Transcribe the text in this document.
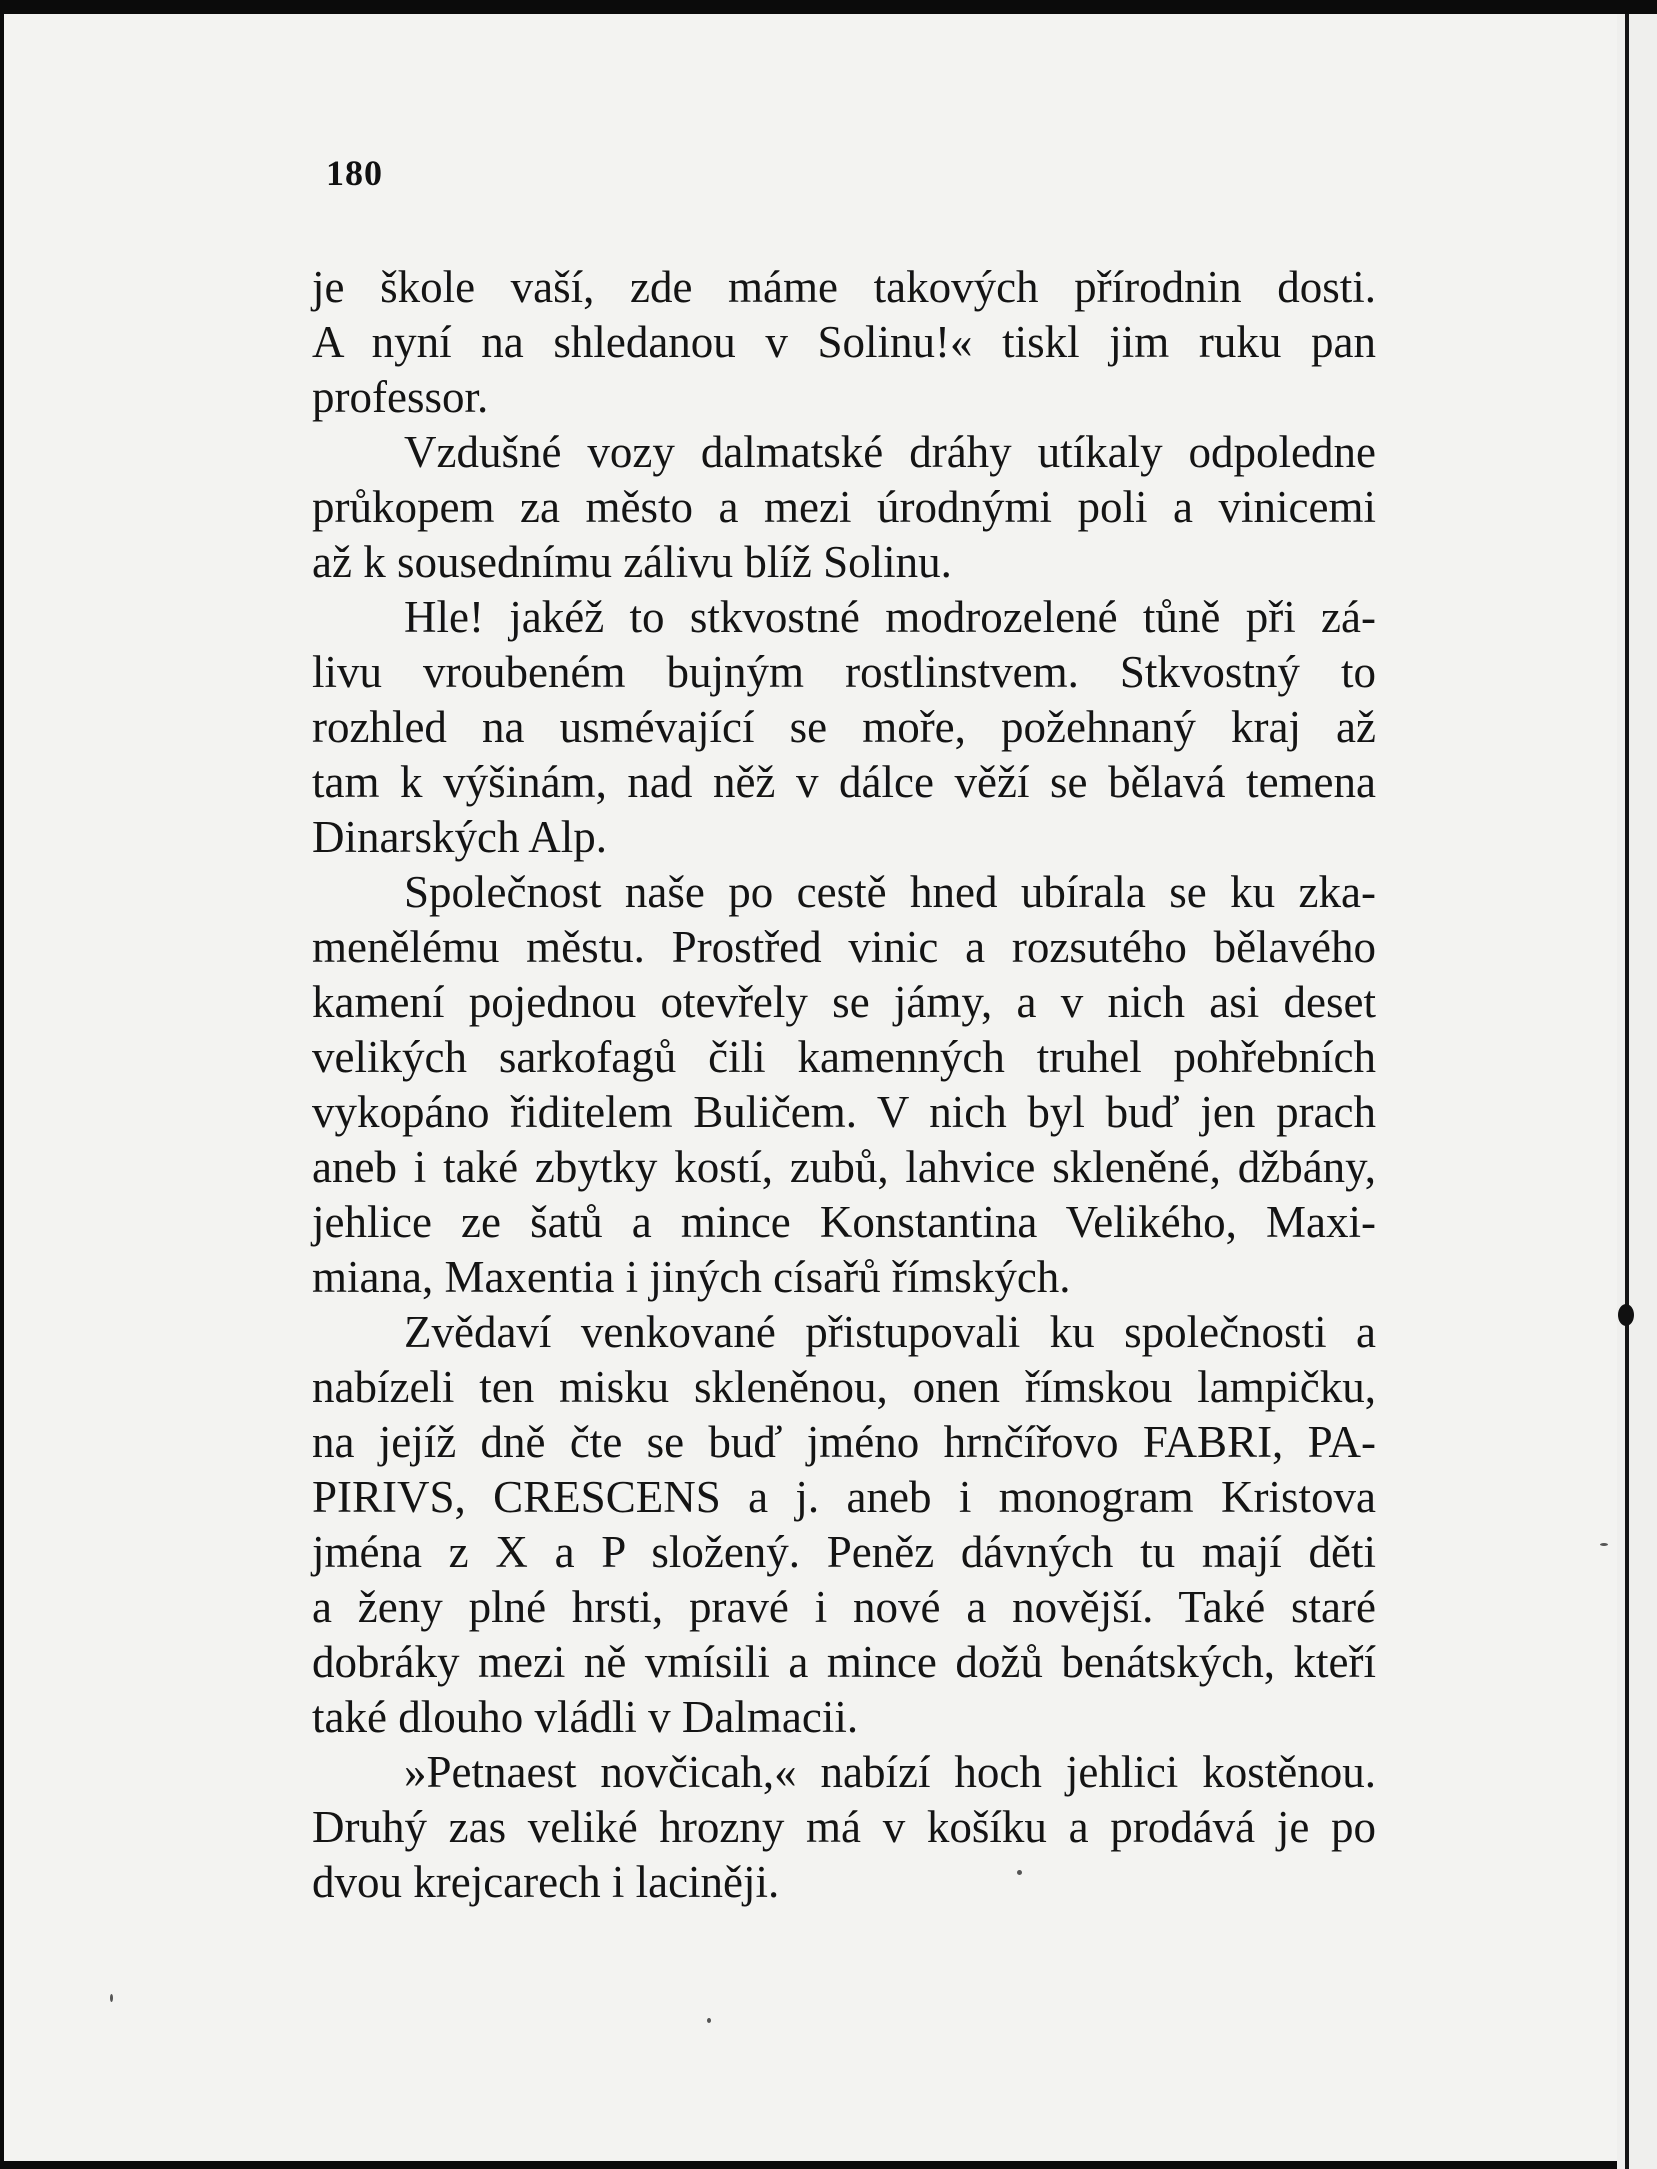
180
je škole vaší, zde máme takových přírodnin dosti.
A nyní na shledanou v Solinu!« tiskl jim ruku pan
professor.
Vzdušné vozy dalmatské dráhy utíkaly odpoledne
průkopem za město a mezi úrodnými poli a vinicemi
až k sousednímu zálivu blíž Solinu.
Hle! jakéž to stkvostné modrozelené tůně při zá-
livu vroubeném bujným rostlinstvem. Stkvostný to
rozhled na usmévající se moře, požehnaný kraj až
tam k výšinám, nad něž v dálce věží se bělavá temena
Dinarských Alp.
Společnost naše po cestě hned ubírala se ku zka-
menělému městu. Prostřed vinic a rozsutého bělavého
kamení pojednou otevřely se jámy, a v nich asi deset
velikých sarkofagů čili kamenných truhel pohřebních
vykopáno řiditelem Buličem. V nich byl buď jen prach
aneb i také zbytky kostí, zubů, lahvice skleněné, džbány,
jehlice ze šatů a mince Konstantina Velikého, Maxi-
miana, Maxentia i jiných císařů římských.
Zvědaví venkované přistupovali ku společnosti a
nabízeli ten misku skleněnou, onen římskou lampičku,
na jejíž dně čte se buď jméno hrnčířovo FABRI, PA-
PIRIVS, CRESCENS a j. aneb i monogram Kristova
jména z X a P složený. Peněz dávných tu mají děti
a ženy plné hrsti, pravé i nové a novější. Také staré
dobráky mezi ně vmísili a mince dožů benátských, kteří
také dlouho vládli v Dalmacii.
»Petnaest novčicah,« nabízí hoch jehlici kostěnou.
Druhý zas veliké hrozny má v košíku a prodává je po
dvou krejcarech i laciněji.
